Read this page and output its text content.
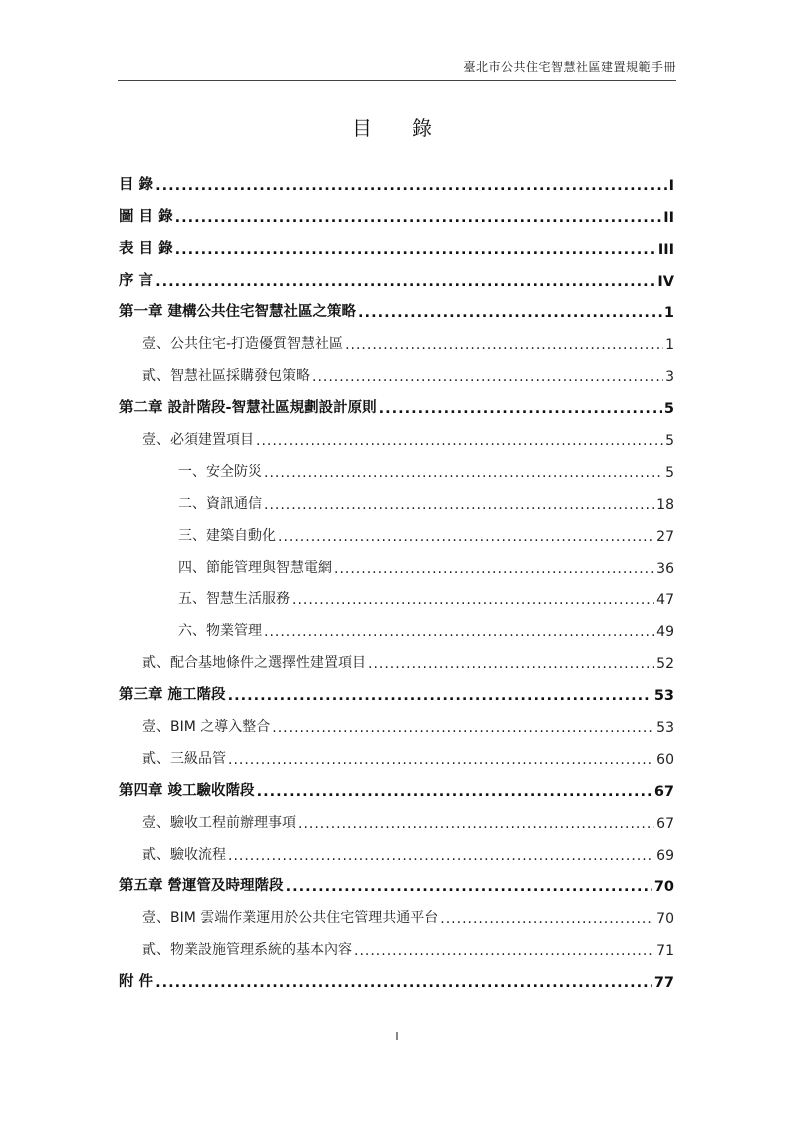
臺北市公共住宅智慧社區建置規範手冊
目　錄
目 錄 .....	I
圖 目 錄 .....	II
表 目 錄 .....	III
序 言 .....	IV
第一章 建構公共住宅智慧社區之策略 .....	1
壹、公共住宅-打造優質智慧社區 .....	1
貳、智慧社區採購發包策略 .....	3
第二章 設計階段-智慧社區規劃設計原則 .....	5
壹、必須建置項目 .....	5
一、安全防災 .....	5
二、資訊通信 .....	18
三、建築自動化 .....	27
四、節能管理與智慧電網 .....	36
五、智慧生活服務 .....	47
六、物業管理 .....	49
貳、配合基地條件之選擇性建置項目 .....	52
第三章 施工階段 .....	53
壹、BIM 之導入整合 .....	53
貳、三級品管 .....	60
第四章 竣工驗收階段 .....	67
壹、驗收工程前辦理事項 .....	67
貳、驗收流程 .....	69
第五章 營運管及時理階段 .....	70
壹、BIM 雲端作業運用於公共住宅管理共通平台 .....	70
貳、物業設施管理系統的基本內容 .....	71
附 件 .....	77
I
